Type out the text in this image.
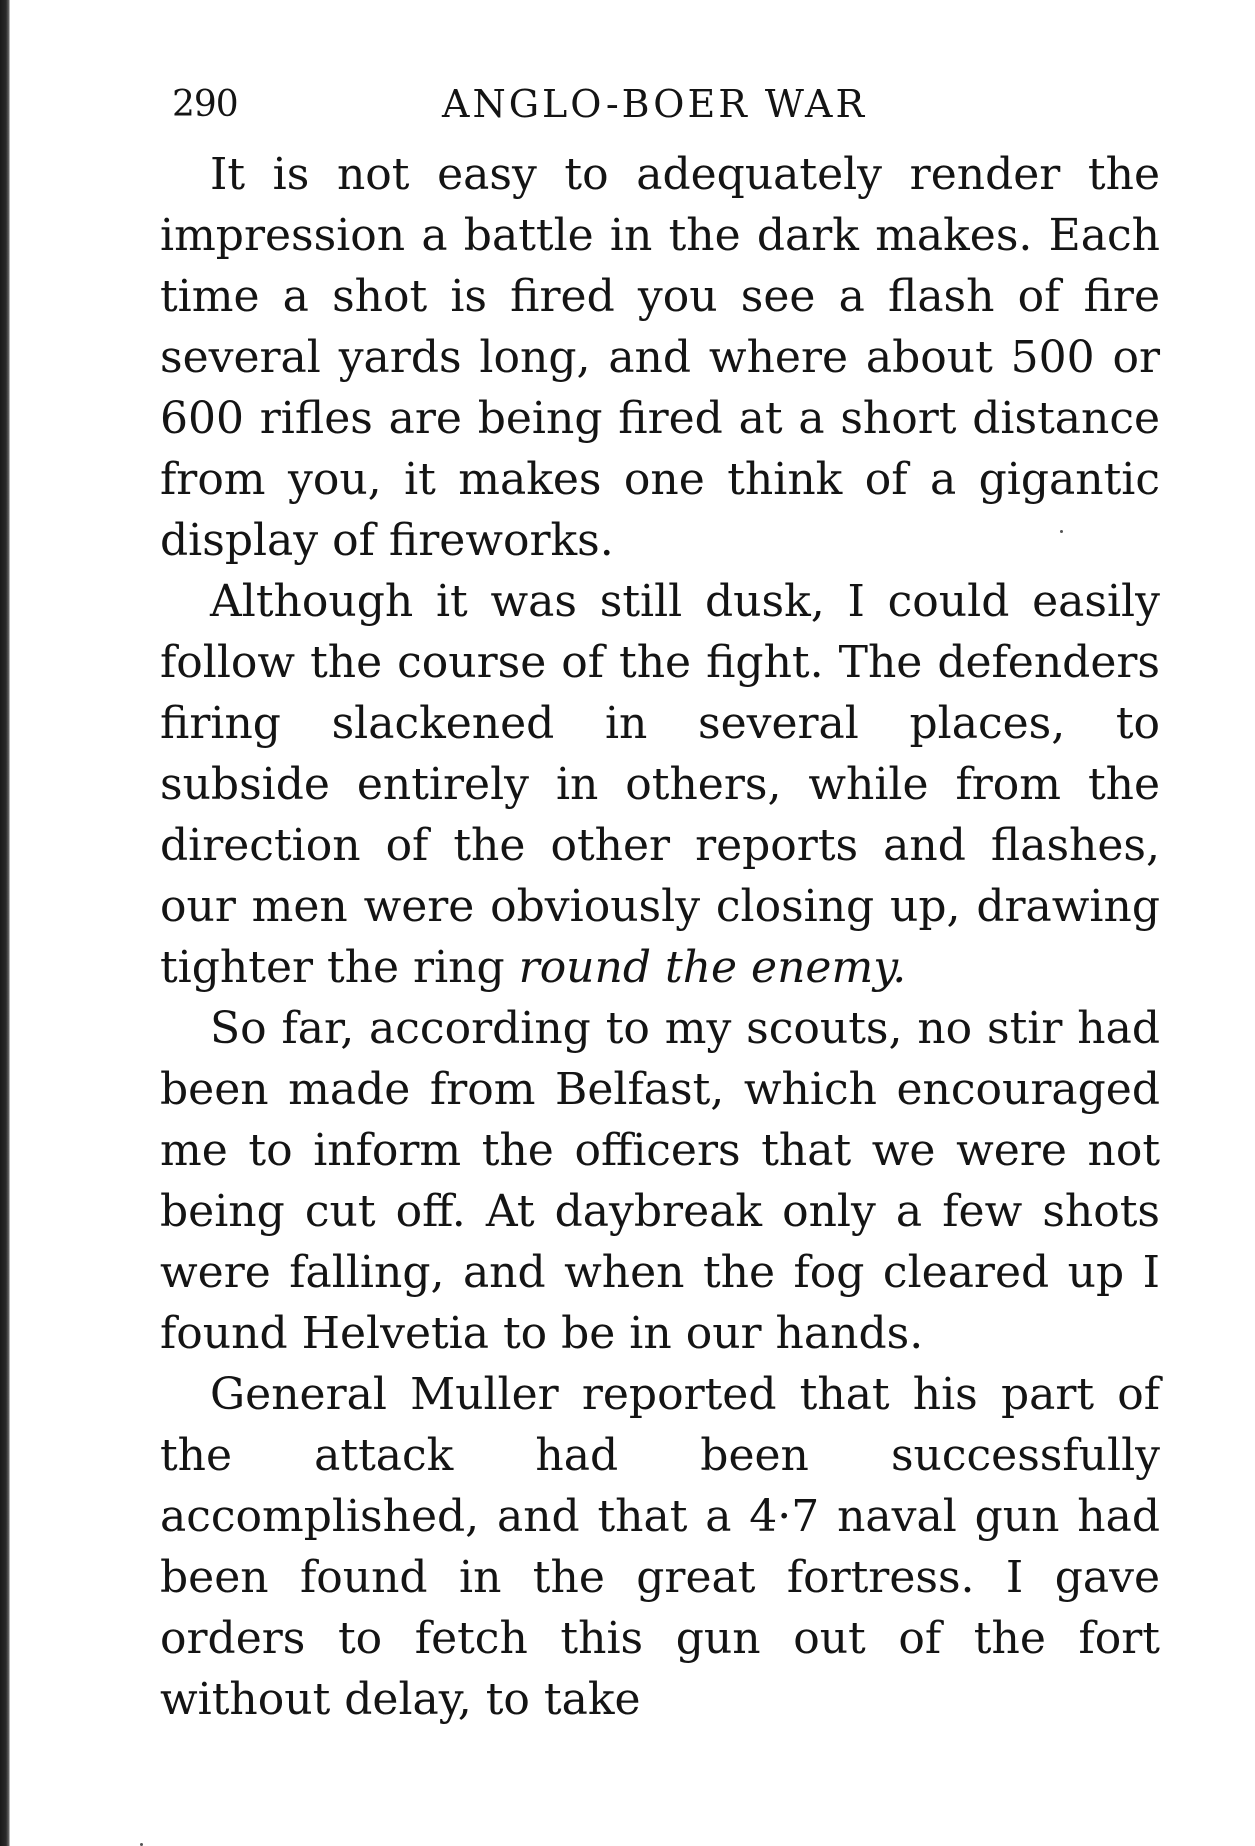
290	ANGLO-BOER WAR

It is not easy to adequately render the impression a battle in the dark makes. Each time a shot is fired you see a flash of fire several yards long, and where about 500 or 600 rifles are being fired at a short distance from you, it makes one think of a gigantic display of fireworks.

Although it was still dusk, I could easily follow the course of the fight. The defenders firing slackened in several places, to subside entirely in others, while from the direction of the other reports and flashes, our men were obviously closing up, drawing tighter the ring round the enemy.

So far, according to my scouts, no stir had been made from Belfast, which encouraged me to inform the officers that we were not being cut off. At daybreak only a few shots were falling, and when the fog cleared up I found Helvetia to be in our hands.

General Muller reported that his part of the attack had been successfully accomplished, and that a 4·7 naval gun had been found in the great fortress. I gave orders to fetch this gun out of the fort without delay, to take
